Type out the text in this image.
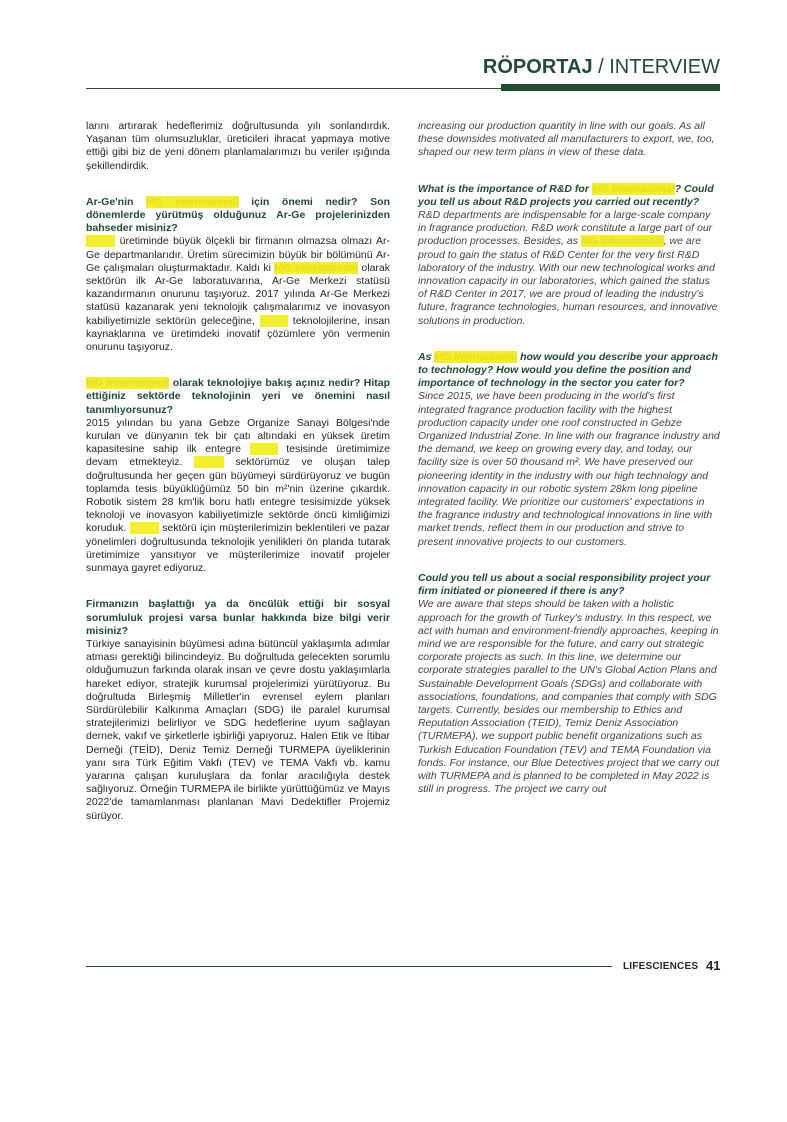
RÖPORTAJ / INTERVIEW

larını artırarak hedeflerimiz doğrultusunda yılı sonlandırdık. Yaşanan tüm olumsuzluklar, üreticileri ihracat yapmaya motive ettiği gibi biz de yeni dönem planlamalarımızı bu veriler ışığında şekillendirdik.

Ar-Ge'nin MG International için önemi nedir? Son dönemlerde yürütmüş olduğunuz Ar-Ge projelerinizden bahseder misiniz?

Esans üretiminde büyük ölçekli bir firmanın olmazsa olmazı Ar-Ge departmanlarıdır. Üretim sürecimizin büyük bir bölümünü Ar-Ge çalışmaları oluşturmaktadır. Kaldı ki MG International olarak sektörün ilk Ar-Ge laboratuvarına, Ar-Ge Merkezi statüsü kazandırmanın onurunu taşıyoruz. 2017 yılında Ar-Ge Merkezi statüsü kazanarak yeni teknolojik çalışmalarımız ve inovasyon kabiliyetimizle sektörün geleceğine, esans teknolojilerine, insan kaynaklarına ve üretimdeki inovatif çözümlere yön vermenin onurunu taşıyoruz.

MG International olarak teknolojiye bakış açınız nedir? Hitap ettiğiniz sektörde teknolojinin yeri ve önemini nasıl tanımlıyorsunuz?

2015 yılından bu yana Gebze Organize Sanayi Bölgesi'nde kurulan ve dünyanın tek bir çatı altındaki en yüksek üretim kapasitesine sahip ilk entegre esans tesisinde üretimimize devam etmekteyiz. Esans sektörümüz ve oluşan talep doğrultusunda her geçen gün büyümeyi sürdürüyoruz ve bugün toplamda tesis büyüklüğümüz 50 bin m²'nin üzerine çıkardık. Robotik sistem 28 km'lik boru hatlı entegre tesisimizde yüksek teknoloji ve inovasyon kabiliyetimizle sektörde öncü kimliğimizi koruduk. Esans sektörü için müşterilerimizin beklentileri ve pazar yönelimleri doğrultusunda teknolojik yenilikleri ön planda tutarak üretimimize yansıtıyor ve müşterilerimize inovatif projeler sunmaya gayret ediyoruz.

Firmanızın başlattığı ya da öncülük ettiği bir sosyal sorumluluk projesi varsa bunlar hakkında bize bilgi verir misiniz?

Türkiye sanayisinin büyümesi adına bütüncül yaklaşımla adımlar atması gerektiği bilincindeyiz. Bu doğrultuda gelecekten sorumlu olduğumuzun farkında olarak insan ve çevre dostu yaklaşımlarla hareket ediyor, stratejik kurumsal projelerimizi yürütüyoruz. Bu doğrultuda Birleşmiş Milletler'in evrensel eylem planları Sürdürülebilir Kalkınma Amaçları (SDG) ile paralel kurumsal stratejilerimizi belirliyor ve SDG hedeflerine uyum sağlayan dernek, vakıf ve şirketlerle işbirliği yapıyoruz. Halen Etik ve İtibar Derneği (TEİD), Deniz Temiz Derneği TURMEPA üyeliklerinin yanı sıra Türk Eğitim Vakfı (TEV) ve TEMA Vakfı vb. kamu yararına çalışan kuruluşlara da fonlar aracılığıyla destek sağlıyoruz. Örneğin TURMEPA ile birlikte yürüttüğümüz ve Mayıs 2022'de tamamlanması planlanan Mavi Dedektifler Projemiz sürüyor.

increasing our production quantity in line with our goals. As all these downsides motivated all manufacturers to export, we, too, shaped our new term plans in view of these data.

What is the importance of R&D for MG International? Could you tell us about R&D projects you carried out recently?

R&D departments are indispensable for a large-scale company in fragrance production. R&D work constitute a large part of our production processes. Besides, as MG International, we are proud to gain the status of R&D Center for the very first R&D laboratory of the industry. With our new technological works and innovation capacity in our laboratories, which gained the status of R&D Center in 2017, we are proud of leading the industry's future, fragrance technologies, human resources, and innovative solutions in production.

As MG International how would you describe your approach to technology? How would you define the position and importance of technology in the sector you cater for?

Since 2015, we have been producing in the world's first integrated fragrance production facility with the highest production capacity under one roof constructed in Gebze Organized Industrial Zone. In line with our fragrance industry and the demand, we keep on growing every day, and today, our facility size is over 50 thousand m². We have preserved our pioneering identity in the industry with our high technology and innovation capacity in our robotic system 28km long pipeline integrated facility. We prioritize our customers' expectations in the fragrance industry and technological innovations in line with market trends, reflect them in our production and strive to present innovative projects to our customers.

Could you tell us about a social responsibility project your firm initiated or pioneered if there is any?

We are aware that steps should be taken with a holistic approach for the growth of Turkey's industry. In this respect, we act with human and environment-friendly approaches, keeping in mind we are responsible for the future, and carry out strategic corporate projects as such. In this line, we determine our corporate strategies parallel to the UN's Global Action Plans and Sustainable Development Goals (SDGs) and collaborate with associations, foundations, and companies that comply with SDG targets. Currently, besides our membership to Ethics and Reputation Association (TEID), Temiz Deniz Association (TURMEPA), we support public benefit organizations such as Turkish Education Foundation (TEV) and TEMA Foundation via fonds. For instance, our Blue Detectives project that we carry out with TURMEPA and is planned to be completed in May 2022 is still in progress. The project we carry out

LIFESCIENCES 41
